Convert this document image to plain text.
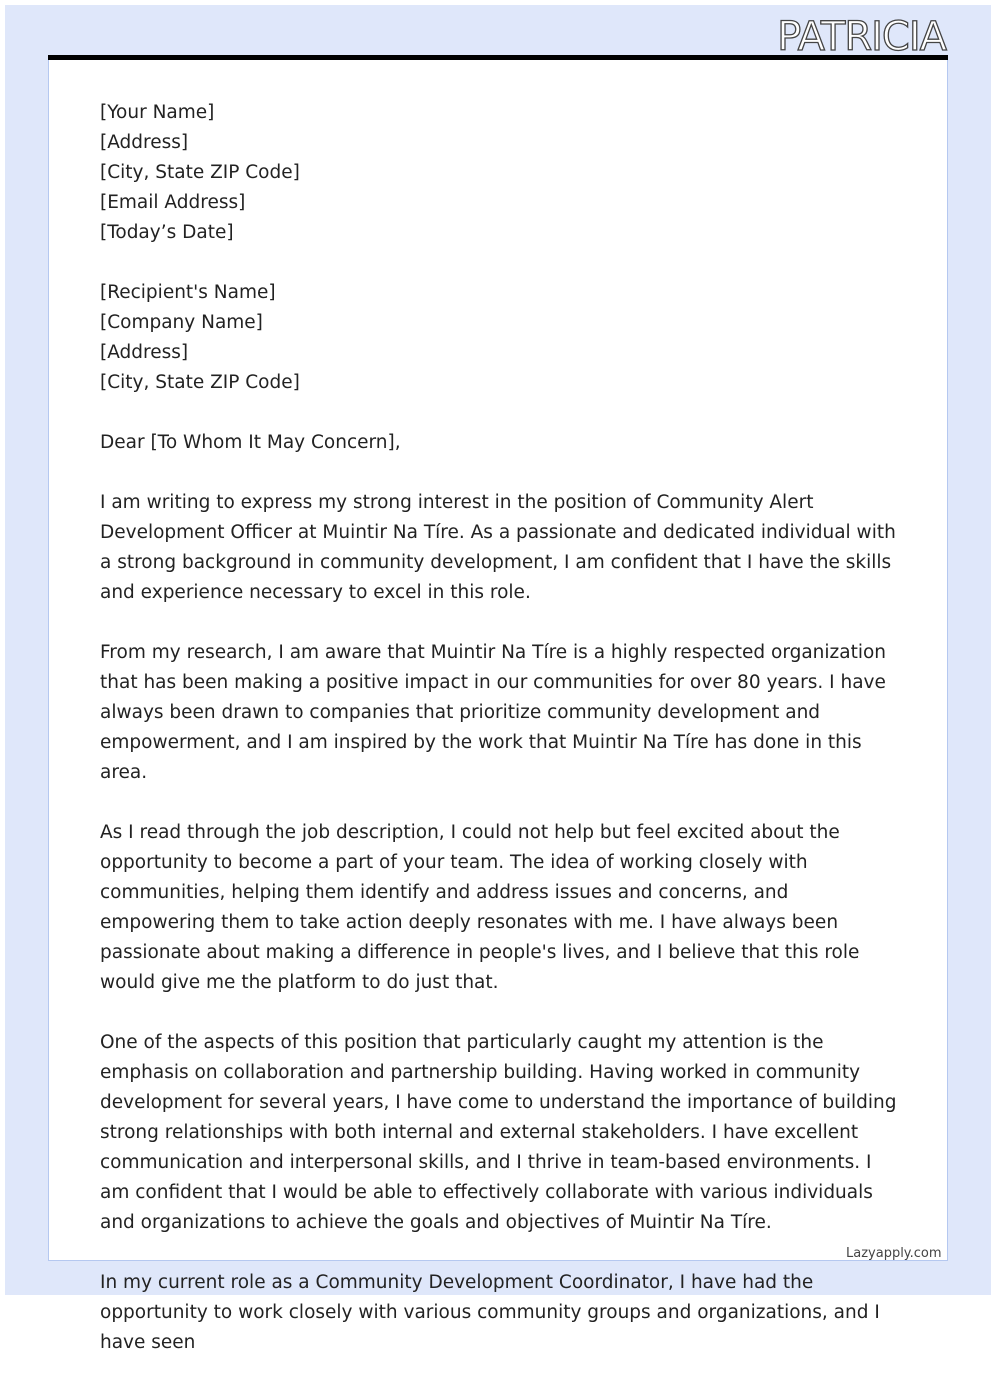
PATRICIA

[Your Name]
[Address]
[City, State ZIP Code]
[Email Address]
[Today’s Date]

[Recipient's Name]
[Company Name]
[Address]
[City, State ZIP Code]

Dear [To Whom It May Concern],

I am writing to express my strong interest in the position of Community Alert Development Officer at Muintir Na Tíre. As a passionate and dedicated individual with a strong background in community development, I am confident that I have the skills and experience necessary to excel in this role.

From my research, I am aware that Muintir Na Tíre is a highly respected organization that has been making a positive impact in our communities for over 80 years. I have always been drawn to companies that prioritize community development and empowerment, and I am inspired by the work that Muintir Na Tíre has done in this area.

As I read through the job description, I could not help but feel excited about the opportunity to become a part of your team. The idea of working closely with communities, helping them identify and address issues and concerns, and empowering them to take action deeply resonates with me. I have always been passionate about making a difference in people's lives, and I believe that this role would give me the platform to do just that.

One of the aspects of this position that particularly caught my attention is the emphasis on collaboration and partnership building. Having worked in community development for several years, I have come to understand the importance of building strong relationships with both internal and external stakeholders. I have excellent communication and interpersonal skills, and I thrive in team-based environments. I am confident that I would be able to effectively collaborate with various individuals and organizations to achieve the goals and objectives of Muintir Na Tíre.

In my current role as a Community Development Coordinator, I have had the opportunity to work closely with various community groups and organizations, and I have seen

Lazyapply.com
